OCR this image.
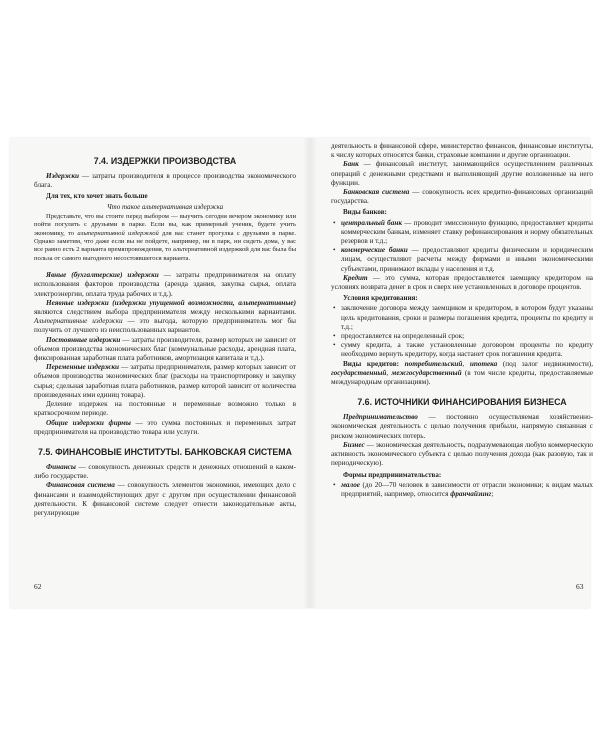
7.4. ИЗДЕРЖКИ ПРОИЗВОДСТВА

Издержки — затраты производителя в процессе производства экономического блага.

Для тех, кто хочет знать больше
Что такое альтернативная издержка

Представьте, что вы стоите перед выбором — выучить сегодня вечером экономику или пойти погулять с друзьями в парке. Если вы, как примерный ученик, будете учить экономику, то альтернативной издержкой для вас станет прогулка с друзьями в парке. Однако заметим, что даже если вы не пойдете, например, ни в парк, ни сидеть дома, у вас все равно есть 2 варианта времяпровождения, то альтернативной издержкой для вас была бы польза от самого выгодного несостоявшегося варианта.

Явные (бухгалтерские) издержки — затраты предпринимателя на оплату использования факторов производства (аренда здания, закупка сырья, оплата электроэнергии, оплата труда рабочих и т.д.).

Неявные издержки (издержки упущенной возможности, альтернативные) являются следствием выбора предпринимателя между несколькими вариантами. Альтернативные издержки — это выгода, которую предприниматель мог бы получить от лучшего из неиспользованных вариантов.

Постоянные издержки — затраты производителя, размер которых не зависит от объемов производства экономических благ (коммунальные расходы, арендная плата, фиксированная заработная плата работников, амортизация капитала и т.д.).

Переменные издержки — затраты предпринимателя, размер которых зависит от объемов производства экономических благ (расходы на транспортировку и закупку сырья; сдельная заработная плата работников, размер которой зависит от количества произведенных ими единиц товара).

Деление издержек на постоянные и переменные возможно только в краткосрочном периоде.

Общие издержки фирмы — это сумма постоянных и переменных затрат предпринимателя на производство товара или услуги.

7.5. ФИНАНСОВЫЕ ИНСТИТУТЫ. БАНКОВСКАЯ СИСТЕМА

Финансы — совокупность денежных средств и денежных отношений в каком-либо государстве.

Финансовая система — совокупность элементов экономики, имеющих дело с финансами и взаимодействующих друг с другом при осуществлении финансовой деятельности. К финансовой системе следует отнести законодательные акты, регулирующие

деятельность в финансовой сфере, министерство финансов, финансовые институты, к числу которых относятся банки, страховые компании и другие организации.

Банк — финансовый институт, занимающийся осуществлением различных операций с денежными средствами и выполняющий другие возложенные на него функции.

Банковская система — совокупность всех кредитно-финансовых организаций государства.

Виды банков:
• центральный банк — проводит эмиссионную функцию, предоставляет кредиты коммерческим банкам, изменяет ставку рефинансирования и норму обязательных резервов и т.д.;
• коммерческие банки — предоставляют кредиты физическим и юридическим лицам, осуществляют расчеты между фирмами и иными экономическими субъектами, принимают вклады у населения и т.д.

Кредит — это сумма, которая предоставляется заемщику кредитором на условиях возврата денег в срок и сверх нее установленных в договоре процентов.

Условия кредитования:
• заключение договора между заемщиком и кредитором, в котором будут указаны цель кредитования, сроки и размеры погашения кредита, проценты по кредиту и т.д.;
• предоставляется на определенный срок;
• сумму кредита, а также установленные договором проценты по кредиту необходимо вернуть кредитору, когда настанет срок погашения кредита.

Виды кредитов: потребительский, ипотека (под залог недвижимости), государственный, межгосударственный (в том числе кредиты, предоставляемые международным организациям).

7.6. ИСТОЧНИКИ ФИНАНСИРОВАНИЯ БИЗНЕСА

Предпринимательство — постоянно осуществляемая хозяйственно-экономическая деятельность с целью получения прибыли, напрямую связанная с риском экономических потерь.

Бизнес — экономическая деятельность, подразумевающая любую коммерческую активность экономического субъекта с целью получения дохода (как разовую, так и периодическую).

Формы предпринимательства:
• малое (до 20—70 человек в зависимости от отрасли экономики; к видам малых предприятий, например, относится франчайзинг;
62	63
